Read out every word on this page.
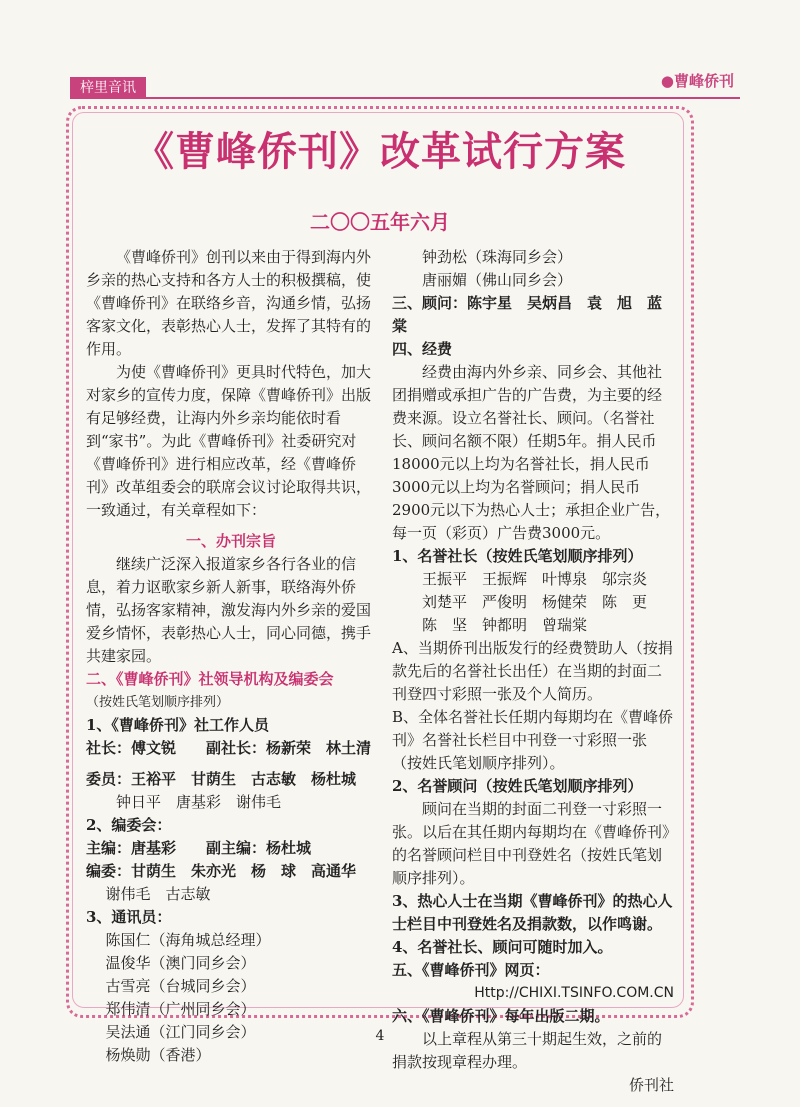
梓里音讯	●曹峰侨刊
《曹峰侨刊》改革试行方案
二〇〇五年六月

《曹峰侨刊》创刊以来由于得到海内外乡亲的热心支持和各方人士的积极撰稿，使《曹峰侨刊》在联络乡音，沟通乡情，弘扬客家文化，表彰热心人士，发挥了其特有的作用。

为使《曹峰侨刊》更具时代特色，加大对家乡的宣传力度，保障《曹峰侨刊》出版有足够经费，让海内外乡亲均能依时看到“家书”。为此《曹峰侨刊》社委研究对《曹峰侨刊》进行相应改革，经《曹峰侨刊》改革组委会的联席会议讨论取得共识，一致通过，有关章程如下：

一、办刊宗旨

继续广泛深入报道家乡各行各业的信息，着力讴歌家乡新人新事，联络海外侨情，弘扬客家精神，激发海内外乡亲的爱国爱乡情怀，表彰热心人士，同心同德，携手共建家园。

二、《曹峰侨刊》社领导机构及编委会

（按姓氏笔划顺序排列）

1、《曹峰侨刊》社工作人员

社长：傅文锐　　副社长：杨新荣　林土清

委员：王裕平　甘荫生　古志敏　杨杜城

钟日平　唐基彩　谢伟毛

2、编委会：

主编：唐基彩　　副主编：杨杜城

编委：甘荫生　朱亦光　杨　球　高通华

谢伟毛　古志敏

3、通讯员：

陈国仁（海角城总经理）

温俊华（澳门同乡会）

古雪亮（台城同乡会）

郑伟清（广州同乡会）

吴法通（江门同乡会）

杨焕勋（香港）

钟劲松（珠海同乡会）

唐丽媚（佛山同乡会）

三、顾问：陈宇星　吴炳昌　袁　旭　蓝　棠

四、经费

经费由海内外乡亲、同乡会、其他社团捐赠或承担广告的广告费，为主要的经费来源。设立名誉社长、顾问。（名誉社长、顾问名额不限）任期5年。捐人民币18000元以上均为名誉社长，捐人民币3000元以上均为名誉顾问；捐人民币2900元以下为热心人士；承担企业广告，每一页（彩页）广告费3000元。

1、名誉社长（按姓氏笔划顺序排列）

王振平　王振辉　叶博泉　邬宗炎

刘楚平　严俊明　杨健荣　陈　更

陈　坚　钟都明　曾瑞棠

A、当期侨刊出版发行的经费赞助人（按捐款先后的名誉社长出任）在当期的封面二刊登四寸彩照一张及个人简历。

B、全体名誉社长任期内每期均在《曹峰侨刊》名誉社长栏目中刊登一寸彩照一张（按姓氏笔划顺序排列）。

2、名誉顾问（按姓氏笔划顺序排列）

顾问在当期的封面二刊登一寸彩照一张。以后在其任期内每期均在《曹峰侨刊》的名誉顾问栏目中刊登姓名（按姓氏笔划顺序排列）。

3、热心人士在当期《曹峰侨刊》的热心人士栏目中刊登姓名及捐款数，以作鸣谢。

4、名誉社长、顾问可随时加入。

五、《曹峰侨刊》网页：

Http://CHIXI.TSINFO.COM.CN

六、《曹峰侨刊》每年出版二期。

以上章程从第三十期起生效，之前的捐款按现章程办理。

侨刊社

4
